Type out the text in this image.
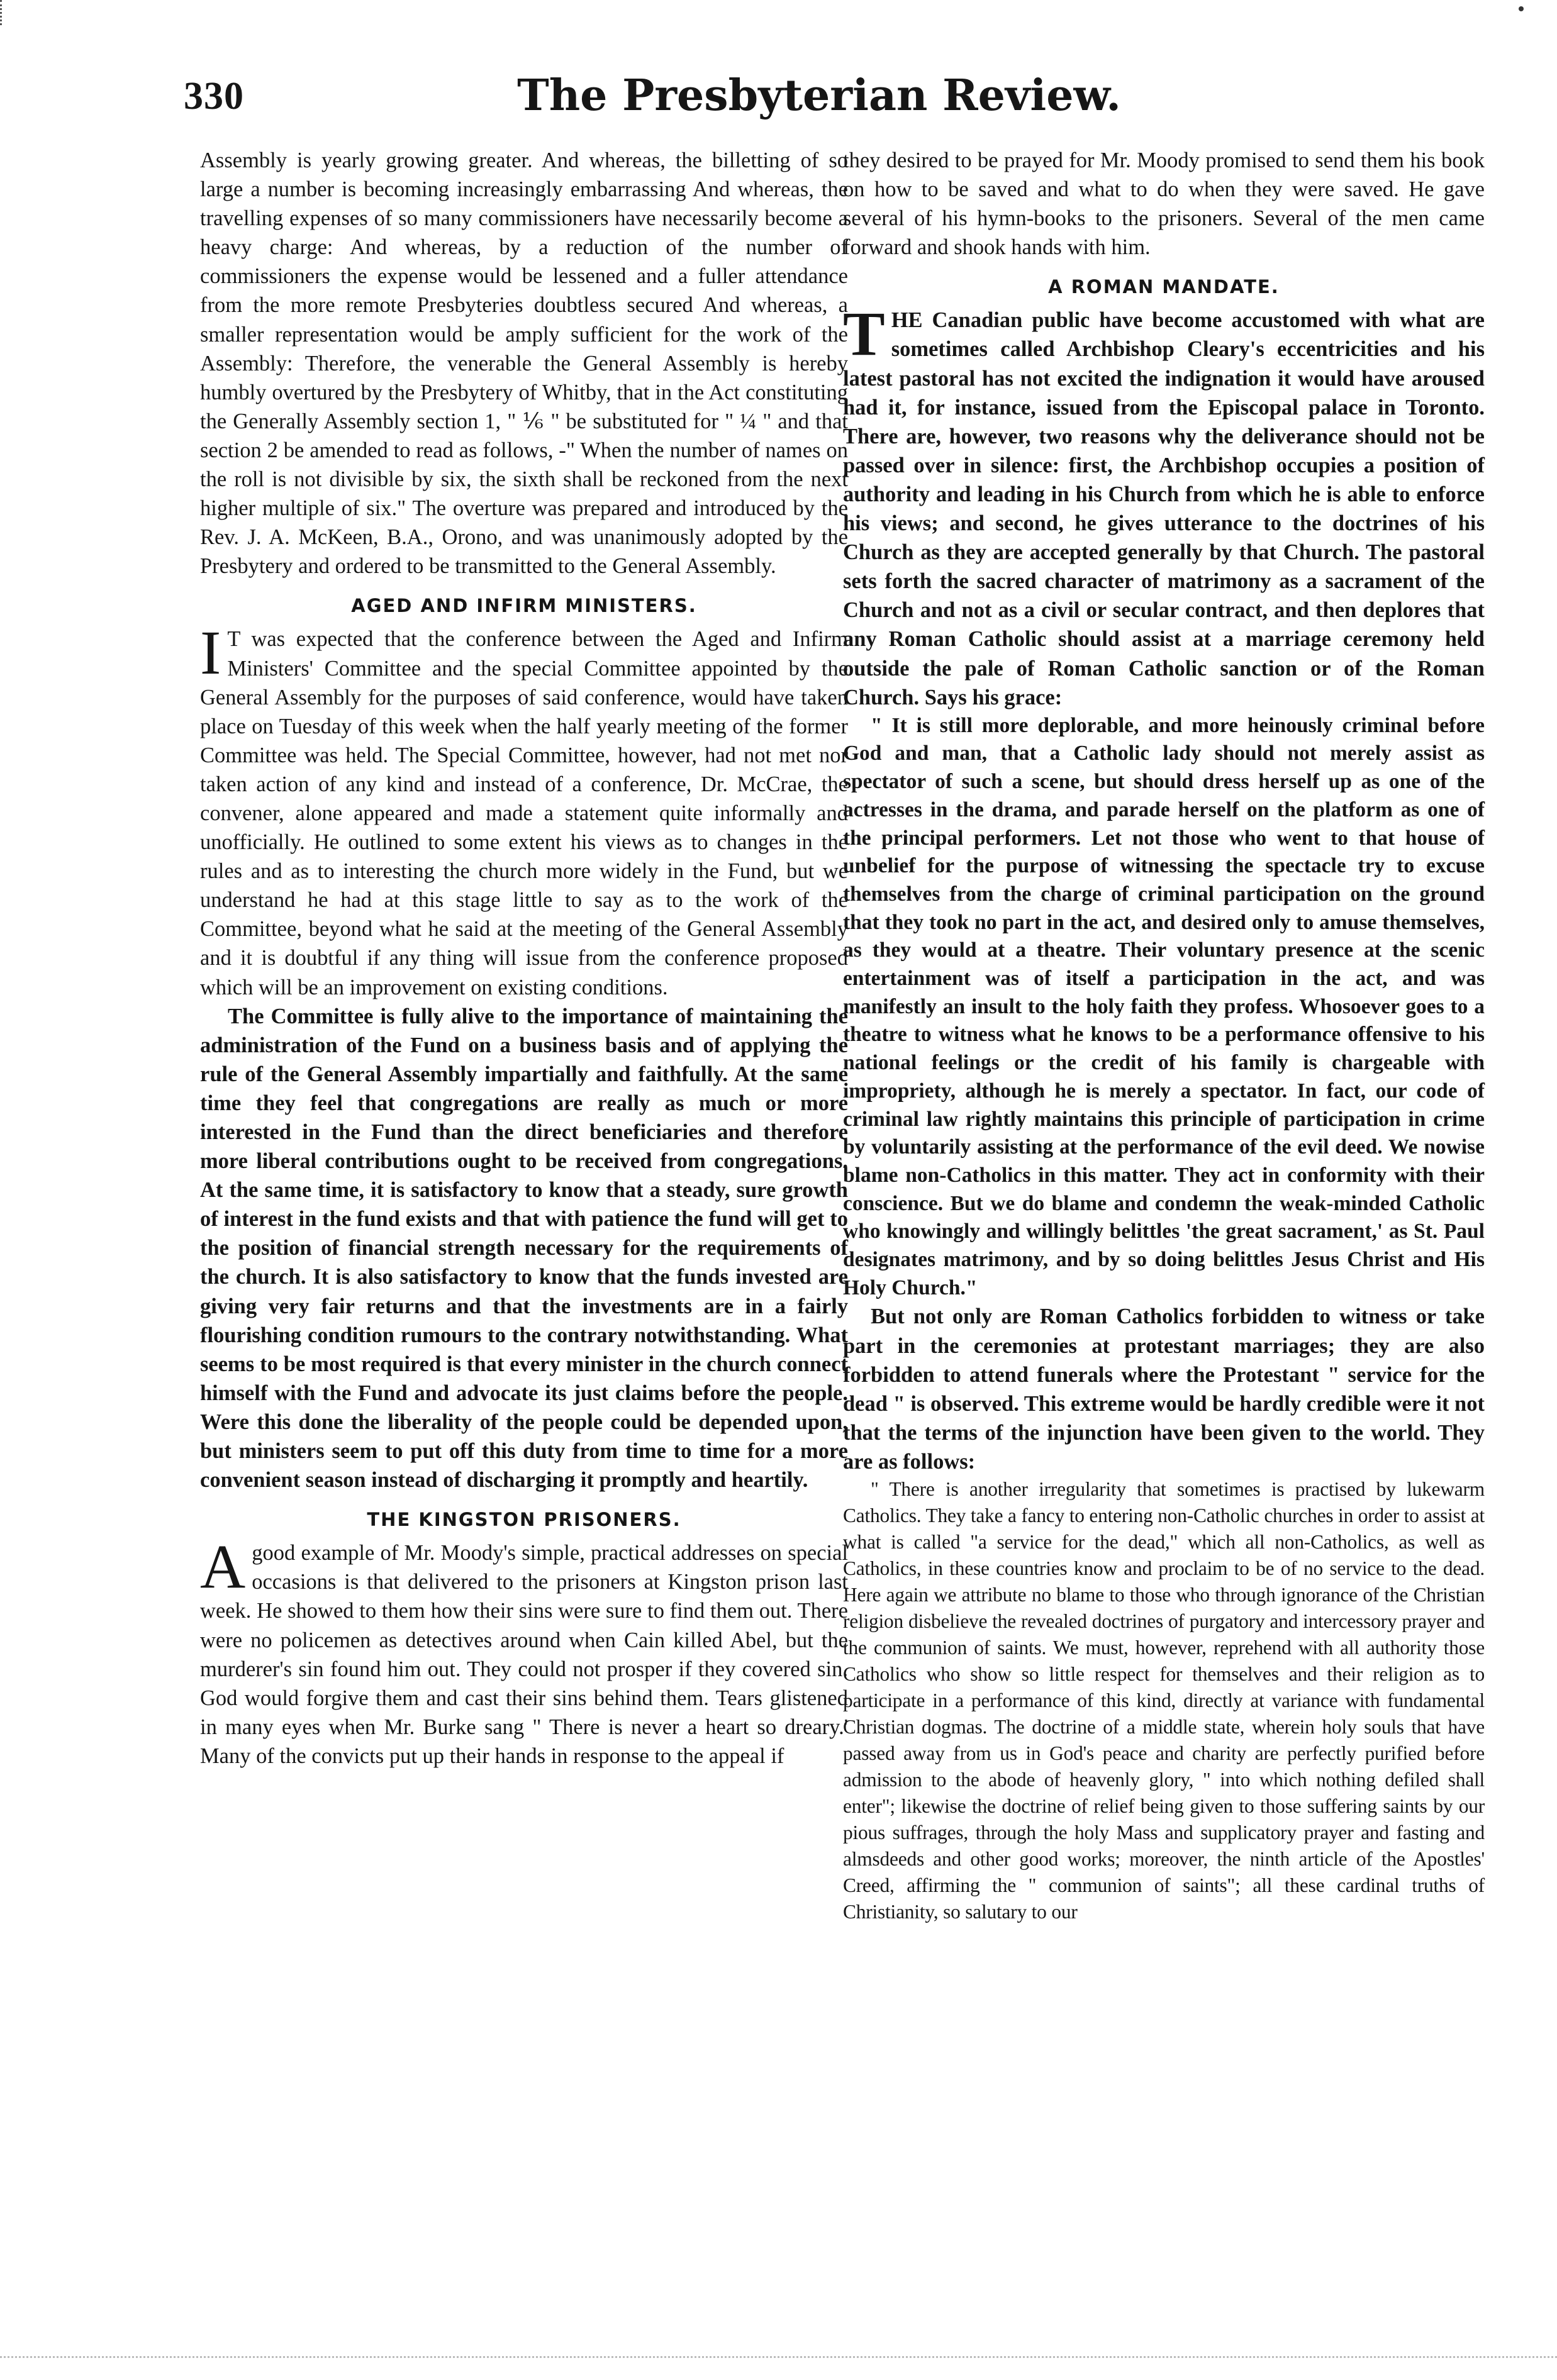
330	The Presbyterian Review.

Assembly is yearly growing greater. And whereas, the billetting of so large a number is becoming increasingly embarrassing And whereas, the travelling expenses of so many commissioners have necessarily become a heavy charge: And whereas, by a reduction of the number of commissioners the expense would be lessened and a fuller attendance from the more remote Presbyteries doubtless secured And whereas, a smaller representation would be amply sufficient for the work of the Assembly: Therefore, the venerable the General Assembly is hereby humbly overtured by the Presbytery of Whitby, that in the Act constituting the Generally Assembly section 1, " ⅙ " be substituted for " ¼ " and that section 2 be amended to read as follows, -" When the number of names on the roll is not divisible by six, the sixth shall be reckoned from the next higher multiple of six." The overture was prepared and introduced by the Rev. J. A. McKeen, B.A., Orono, and was unanimously adopted by the Presbytery and ordered to be transmitted to the General Assembly.

AGED AND INFIRM MINISTERS.

I T was expected that the conference between the Aged and Infirm Ministers' Committee and the special Committee appointed by the General Assembly for the purposes of said conference, would have taken place on Tuesday of this week when the half yearly meeting of the former Committee was held. The Special Committee, however, had not met nor taken action of any kind and instead of a conference, Dr. McCrae, the convener, alone appeared and made a statement quite informally and unofficially. He outlined to some extent his views as to changes in the rules and as to interesting the church more widely in the Fund, but we understand he had at this stage little to say as to the work of the Committee, beyond what he said at the meeting of the General Assembly and it is doubtful if any thing will issue from the conference proposed which will be an improvement on existing conditions.

The Committee is fully alive to the importance of maintaining the administration of the Fund on a business basis and of applying the rule of the General Assembly impartially and faithfully. At the same time they feel that congregations are really as much or more interested in the Fund than the direct beneficiaries and therefore more liberal contributions ought to be received from congregations. At the same time, it is satisfactory to know that a steady, sure growth of interest in the fund exists and that with patience the fund will get to the position of financial strength necessary for the requirements of the church. It is also satisfactory to know that the funds invested are giving very fair returns and that the investments are in a fairly flourishing condition rumours to the contrary notwithstanding. What seems to be most required is that every minister in the church connect himself with the Fund and advocate its just claims before the people. Were this done the liberality of the people could be depended upon, but ministers seem to put off this duty from time to time for a more convenient season instead of discharging it promptly and heartily.

THE KINGSTON PRISONERS.

A good example of Mr. Moody's simple, practical addresses on special occasions is that delivered to the prisoners at Kingston prison last week. He showed to them how their sins were sure to find them out. There were no policemen as detectives around when Cain killed Abel, but the murderer's sin found him out. They could not prosper if they covered sin. God would forgive them and cast their sins behind them. Tears glistened in many eyes when Mr. Burke sang " There is never a heart so dreary.' Many of the convicts put up their hands in response to the appeal if

they desired to be prayed for Mr. Moody promised to send them his book on how to be saved and what to do when they were saved. He gave several of his hymn-books to the prisoners. Several of the men came forward and shook hands with him.

A ROMAN MANDATE.

THE Canadian public have become accustomed with what are sometimes called Archbishop Cleary's eccentricities and his latest pastoral has not excited the indignation it would have aroused had it, for instance, issued from the Episcopal palace in Toronto. There are, however, two reasons why the deliverance should not be passed over in silence: first, the Archbishop occupies a position of authority and leading in his Church from which he is able to enforce his views; and second, he gives utterance to the doctrines of his Church as they are accepted generally by that Church. The pastoral sets forth the sacred character of matrimony as a sacrament of the Church and not as a civil or secular contract, and then deplores that any Roman Catholic should assist at a marriage ceremony held outside the pale of Roman Catholic sanction or of the Roman Church. Says his grace:

" It is still more deplorable, and more heinously criminal before God and man, that a Catholic lady should not merely assist as spectator of such a scene, but should dress herself up as one of the actresses in the drama, and parade herself on the platform as one of the principal performers. Let not those who went to that house of unbelief for the purpose of witnessing the spectacle try to excuse themselves from the charge of criminal participation on the ground that they took no part in the act, and desired only to amuse themselves, as they would at a theatre. Their voluntary presence at the scenic entertainment was of itself a participation in the act, and was manifestly an insult to the holy faith they profess. Whosoever goes to a theatre to witness what he knows to be a performance offensive to his national feelings or the credit of his family is chargeable with impropriety, although he is merely a spectator. In fact, our code of criminal law rightly maintains this principle of participation in crime by voluntarily assisting at the performance of the evil deed. We nowise blame non-Catholics in this matter. They act in conformity with their conscience. But we do blame and condemn the weak-minded Catholic who knowingly and willingly belittles 'the great sacrament,' as St. Paul designates matrimony, and by so doing belittles Jesus Christ and His Holy Church."

But not only are Roman Catholics forbidden to witness or take part in the ceremonies at protestant marriages; they are also forbidden to attend funerals where the Protestant " service for the dead " is observed. This extreme would be hardly credible were it not that the terms of the injunction have been given to the world. They are as follows:

" There is another irregularity that sometimes is practised by lukewarm Catholics. They take a fancy to entering non-Catholic churches in order to assist at what is called "a service for the dead," which all non-Catholics, as well as Catholics, in these countries know and proclaim to be of no service to the dead. Here again we attribute no blame to those who through ignorance of the Christian religion disbelieve the revealed doctrines of purgatory and intercessory prayer and the communion of saints. We must, however, reprehend with all authority those Catholics who show so little respect for themselves and their religion as to participate in a performance of this kind, directly at variance with fundamental Christian dogmas. The doctrine of a middle state, wherein holy souls that have passed away from us in God's peace and charity are perfectly purified before admission to the abode of heavenly glory, " into which nothing defiled shall enter"; likewise the doctrine of relief being given to those suffering saints by our pious suffrages, through the holy Mass and supplicatory prayer and fasting and almsdeeds and other good works; moreover, the ninth article of the Apostles' Creed, affirming the " communion of saints"; all these cardinal truths of Christianity, so salutary to our
